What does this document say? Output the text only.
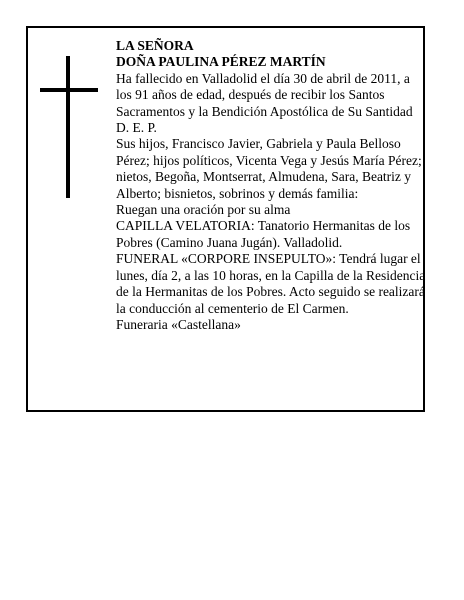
LA SEÑORA

DOÑA PAULINA PÉREZ MARTÍN

Ha fallecido en Valladolid el día 30 de abril de 2011, a los 91 años de edad, después de recibir los Santos Sacramentos y la Bendición Apostólica de Su Santidad

D. E. P.

Sus hijos, Francisco Javier, Gabriela y Paula Belloso Pérez; hijos políticos, Vicenta Vega y Jesús María Pérez; nietos, Begoña, Montserrat, Almudena, Sara, Beatriz y Alberto; bisnietos, sobrinos y demás familia:

Ruegan una oración por su alma

CAPILLA VELATORIA: Tanatorio Hermanitas de los Pobres (Camino Juana Jugán). Valladolid.

FUNERAL «CORPORE INSEPULTO»: Tendrá lugar el lunes, día 2, a las 10 horas, en la Capilla de la Residencia de la Hermanitas de los Pobres. Acto seguido se realizará la conducción al cementerio de El Carmen.

Funeraria «Castellana»
